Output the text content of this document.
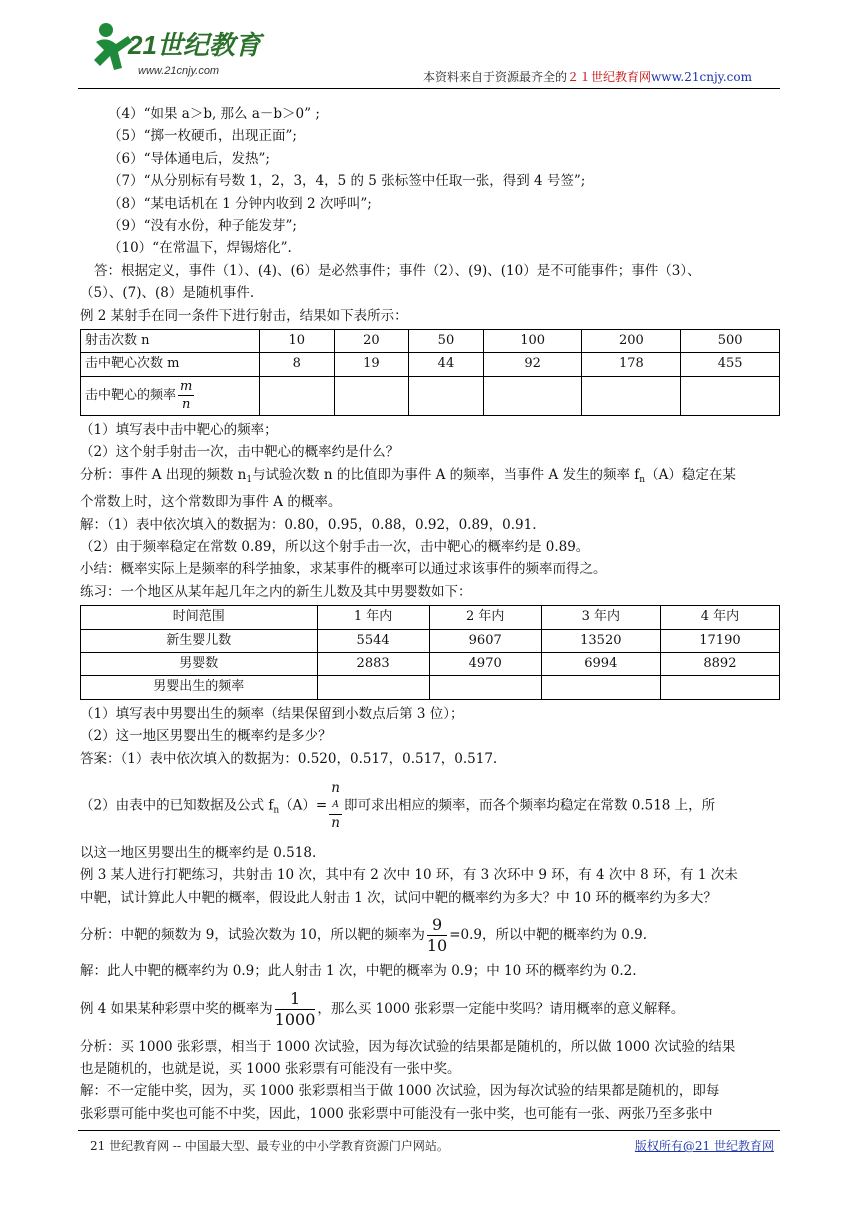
21世纪教育
www.21cnjy.com	本资料来自于资源最齐全的２１世纪教育网www.21cnjy.com
（4）“如果 a＞b, 那么 a－b＞0” ;
（5）“掷一枚硬币，出现正面”;
（6）“导体通电后，发热”;
（7）“从分别标有号数 1，2，3，4，5 的 5 张标签中任取一张，得到 4 号签”;
（8）“某电话机在 1 分钟内收到 2 次呼叫”;
（9）“没有水份，种子能发芽”;
（10）“在常温下，焊锡熔化”.
答：根据定义，事件（1）、(4)、(6）是必然事件；事件（2）、(9)、(10）是不可能事件；事件（3）、
（5）、(7)、(8）是随机事件.
例 2 某射手在同一条件下进行射击，结果如下表所示：
射击次数 n	10	20	50	100	200	500
击中靶心次数 m	8	19	44	92	178	455
击中靶心的频率 $\frac{m}{n}$

（1）填写表中击中靶心的频率；
（2）这个射手射击一次，击中靶心的概率约是什么？
分析：事件 A 出现的频数 $n_1$与试验次数 n 的比值即为事件 A 的频率，当事件 A 发生的频率 $f_n(A)$稳定在某
个常数上时，这个常数即为事件 A 的概率。
解：（1）表中依次填入的数据为：0.80，0.95，0.88，0.92，0.89，0.91.
（2）由于频率稳定在常数 0.89，所以这个射手击一次，击中靶心的概率约是 0.89。
小结：概率实际上是频率的科学抽象，求某事件的概率可以通过求该事件的频率而得之。
练习：一个地区从某年起几年之内的新生儿数及其中男婴数如下：
时间范围	1 年内	2 年内	3 年内	4 年内
新生婴儿数	5544	9607	13520	17190
男婴数	2883	4970	6994	8892
男婴出生的频率				
（1）填写表中男婴出生的频率（结果保留到小数点后第 3 位）；
（2）这一地区男婴出生的概率约是多少？
答案：（1）表中依次填入的数据为：0.520，0.517，0.517，0.517.
（2）由表中的已知数据及公式 $f_n(A)= n$
A
n 即可求出相应的频率，而各个频率均稳定在常数 0.518 上，所
以这一地区男婴出生的概率约是 0.518.
例 3 某人进行打靶练习，共射击 10 次，其中有 2 次中 10 环，有 3 次环中 9 环，有 4 次中 8 环，有 1 次未
中靶，试计算此人中靶的概率，假设此人射击 1 次，试问中靶的概率约为多大？中 10 环的概率约为多大？
分析：中靶的频数为 9，试验次数为 10，所以靶的频率为 $\frac{9}{10} =0.9$，所以中靶的概率约为 0.9.
解：此人中靶的概率约为 0.9；此人射击 1 次，中靶的概率为 0.9；中 10 环的概率约为 0.2.
例 4 如果某种彩票中奖的概率为 $\frac{1}{1000}$ ，那么买 1000 张彩票一定能中奖吗？请用概率的意义解释。
分析：买 1000 张彩票，相当于 1000 次试验，因为每次试验的结果都是随机的，所以做 1000 次试验的结果
也是随机的，也就是说，买 1000 张彩票有可能没有一张中奖。
解：不一定能中奖，因为，买 1000 张彩票相当于做 1000 次试验，因为每次试验的结果都是随机的，即每
张彩票可能中奖也可能不中奖，因此，1000 张彩票中可能没有一张中奖，也可能有一张、两张乃至多张中
21 世纪教育网 -- 中国最大型、最专业的中小学教育资源门户网站。	版权所有@21 世纪教育网
